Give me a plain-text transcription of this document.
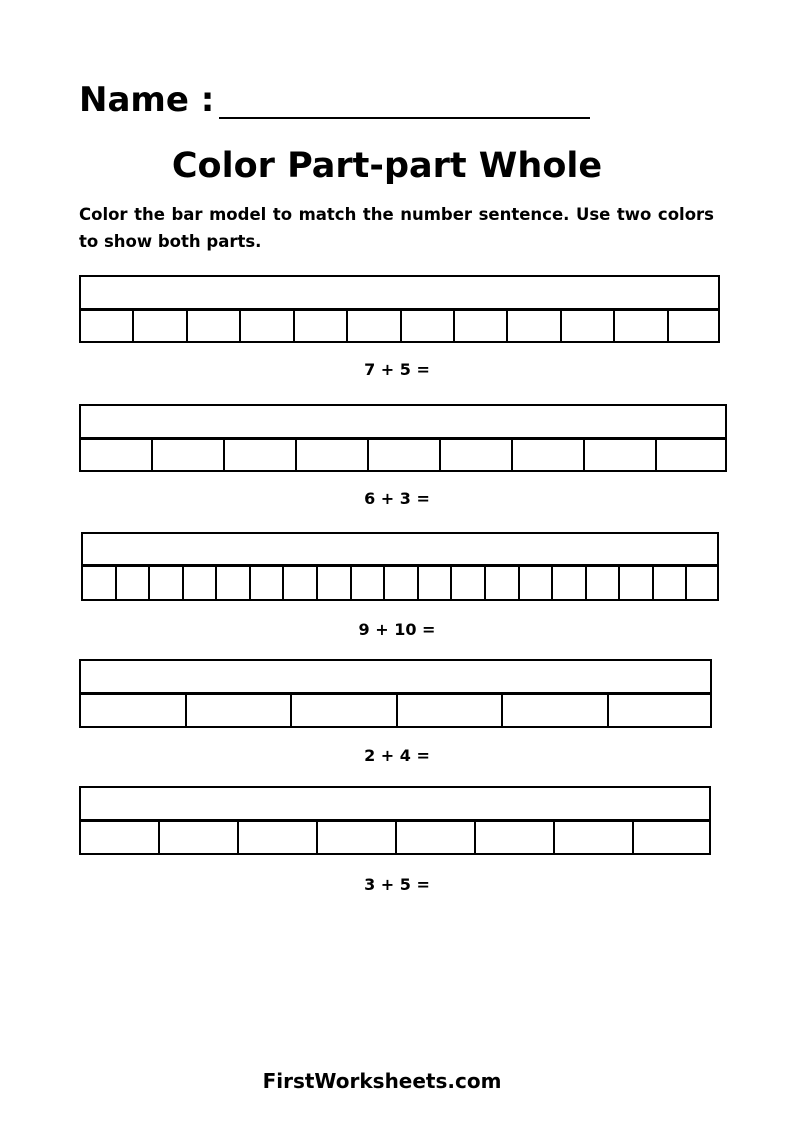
Name :
Color Part-part Whole
Color the bar model to match the number sentence. Use two colors to show both parts.
7 + 5 =
6 + 3 =
9 + 10 =
2 + 4 =
3 + 5 =
FirstWorksheets.com
